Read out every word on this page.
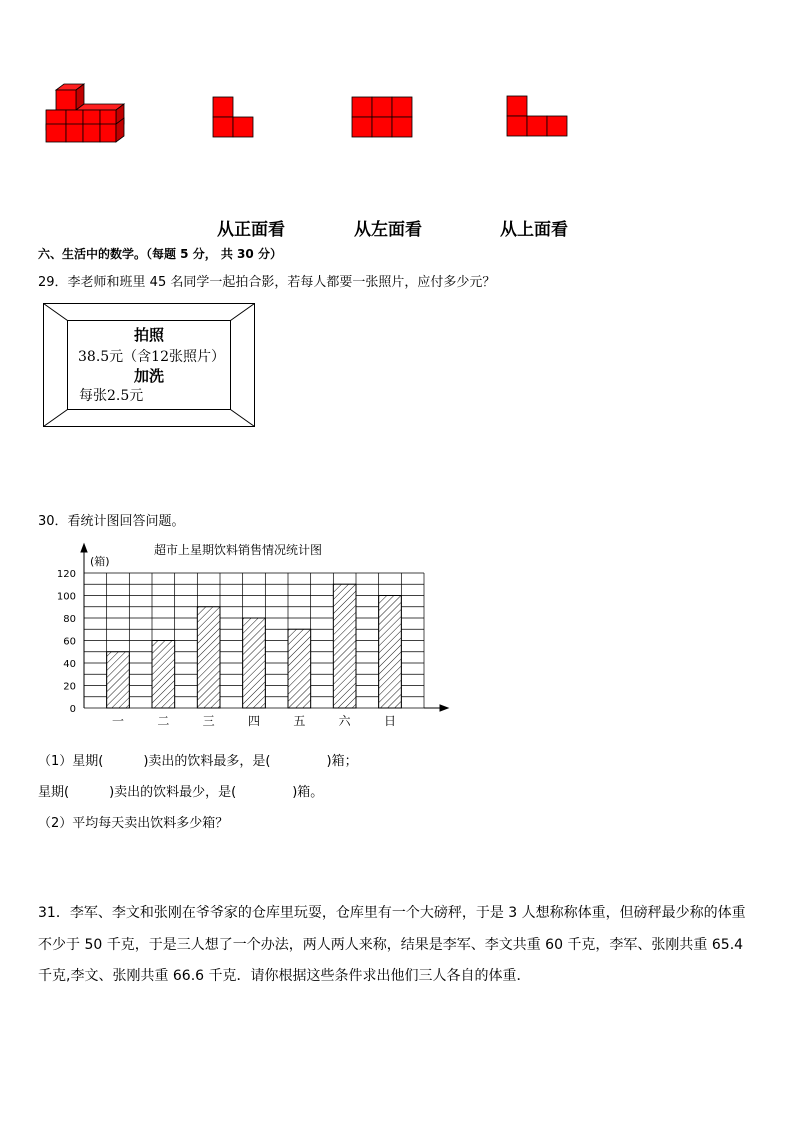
从正面看	从左面看	从上面看
六、生活中的数学。（每题 5 分， 共 30 分）
29．李老师和班里 45 名同学一起拍合影，若每人都要一张照片，应付多少元？
拍照
38.5元（含12张照片）
加洗
每张2.5元
30．看统计图回答问题。
超市上星期饮料销售情况统计图
(箱)
0
20
40
60
80
100
120
一	二	三	四	五	六	日
（1）星期(	)卖出的饮料最多，是(	)箱；
星期(	)卖出的饮料最少，是(	)箱。
（2）平均每天卖出饮料多少箱？
31．李军、李文和张刚在爷爷家的仓库里玩耍，仓库里有一个大磅秤，于是 3 人想称称体重，但磅秤最少称的体重不少于 50 千克，于是三人想了一个办法，两人两人来称，结果是李军、李文共重 60 千克，李军、张刚共重 65.4 千克,李文、张刚共重 66.6 千克．请你根据这些条件求出他们三人各自的体重．
